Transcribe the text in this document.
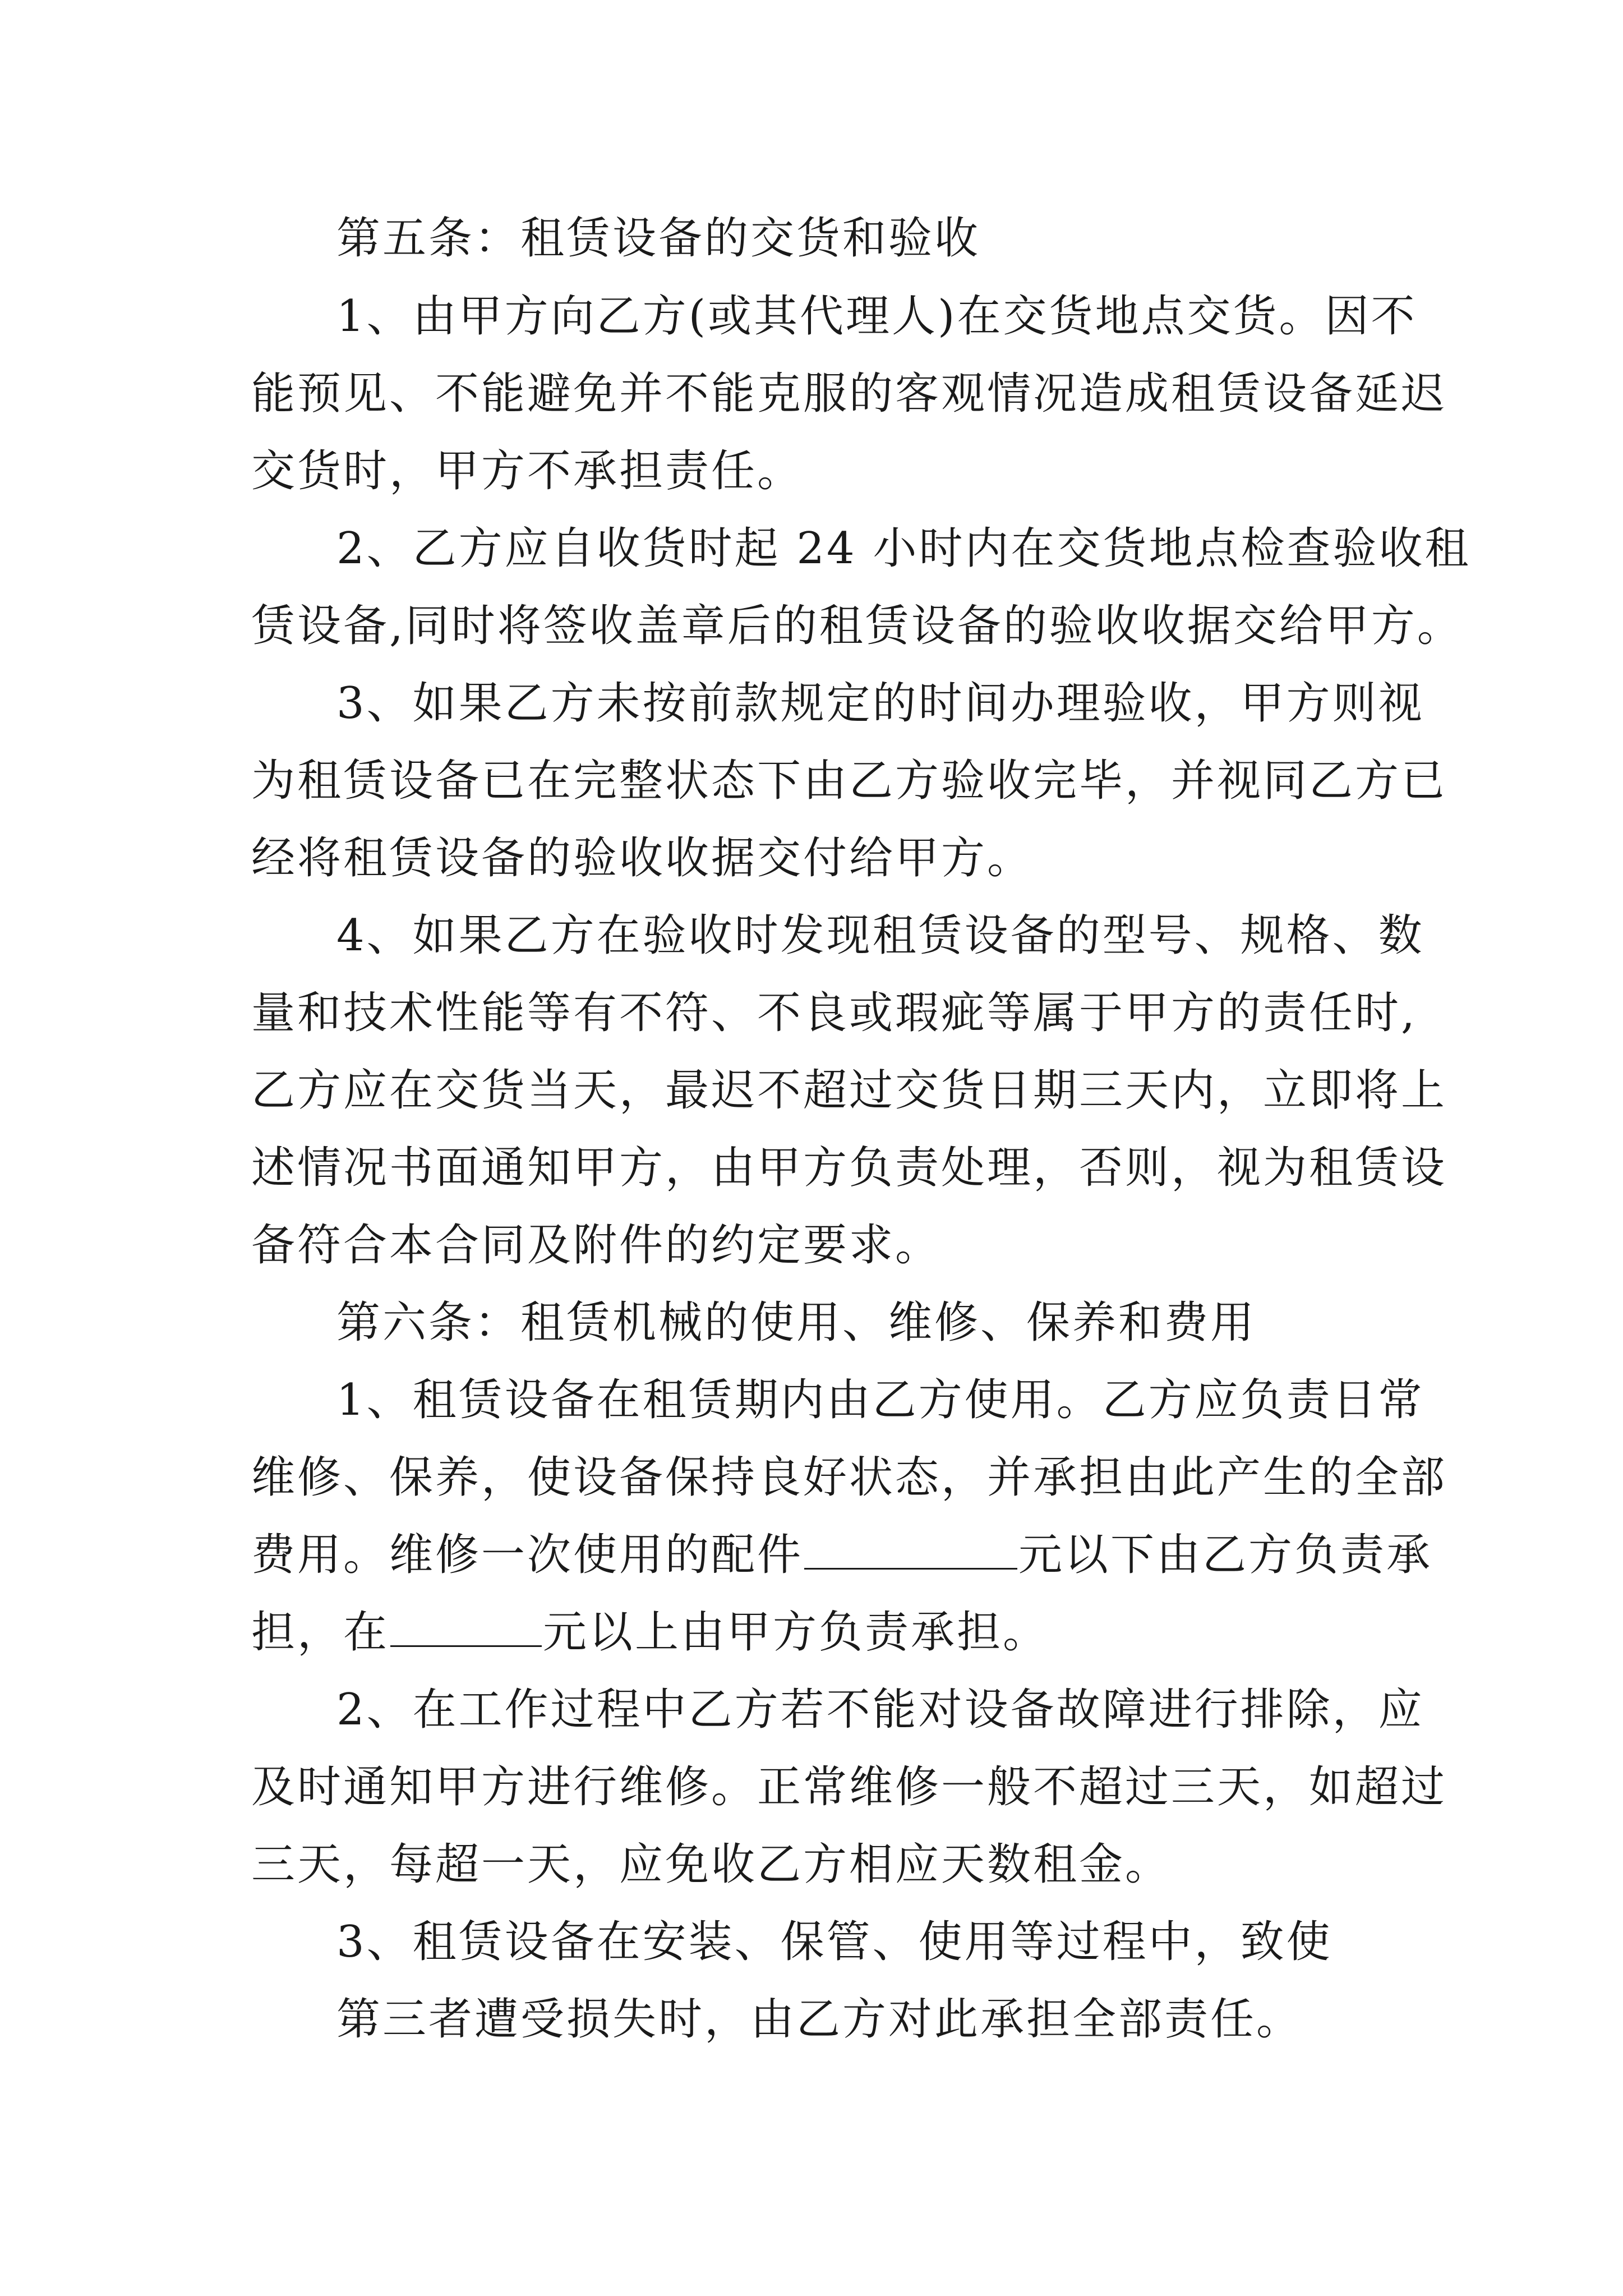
第五条：租赁设备的交货和验收
1、由甲方向乙方(或其代理人)在交货地点交货。因不
能预见、不能避免并不能克服的客观情况造成租赁设备延迟
交货时，甲方不承担责任。
2、乙方应自收货时起 24 小时内在交货地点检查验收租
赁设备,同时将签收盖章后的租赁设备的验收收据交给甲方。
3、如果乙方未按前款规定的时间办理验收，甲方则视
为租赁设备已在完整状态下由乙方验收完毕，并视同乙方已
经将租赁设备的验收收据交付给甲方。
4、如果乙方在验收时发现租赁设备的型号、规格、数
量和技术性能等有不符、不良或瑕疵等属于甲方的责任时,
乙方应在交货当天，最迟不超过交货日期三天内，立即将上
述情况书面通知甲方，由甲方负责处理，否则，视为租赁设
备符合本合同及附件的约定要求。
第六条：租赁机械的使用、维修、保养和费用
1、租赁设备在租赁期内由乙方使用。乙方应负责日常
维修、保养，使设备保持良好状态，并承担由此产生的全部
费用。维修一次使用的配件	元以下由乙方负责承
担，在	元以上由甲方负责承担。
2、在工作过程中乙方若不能对设备故障进行排除，应
及时通知甲方进行维修。正常维修一般不超过三天，如超过
三天，每超一天，应免收乙方相应天数租金。
3、租赁设备在安装、保管、使用等过程中，致使
第三者遭受损失时，由乙方对此承担全部责任。
